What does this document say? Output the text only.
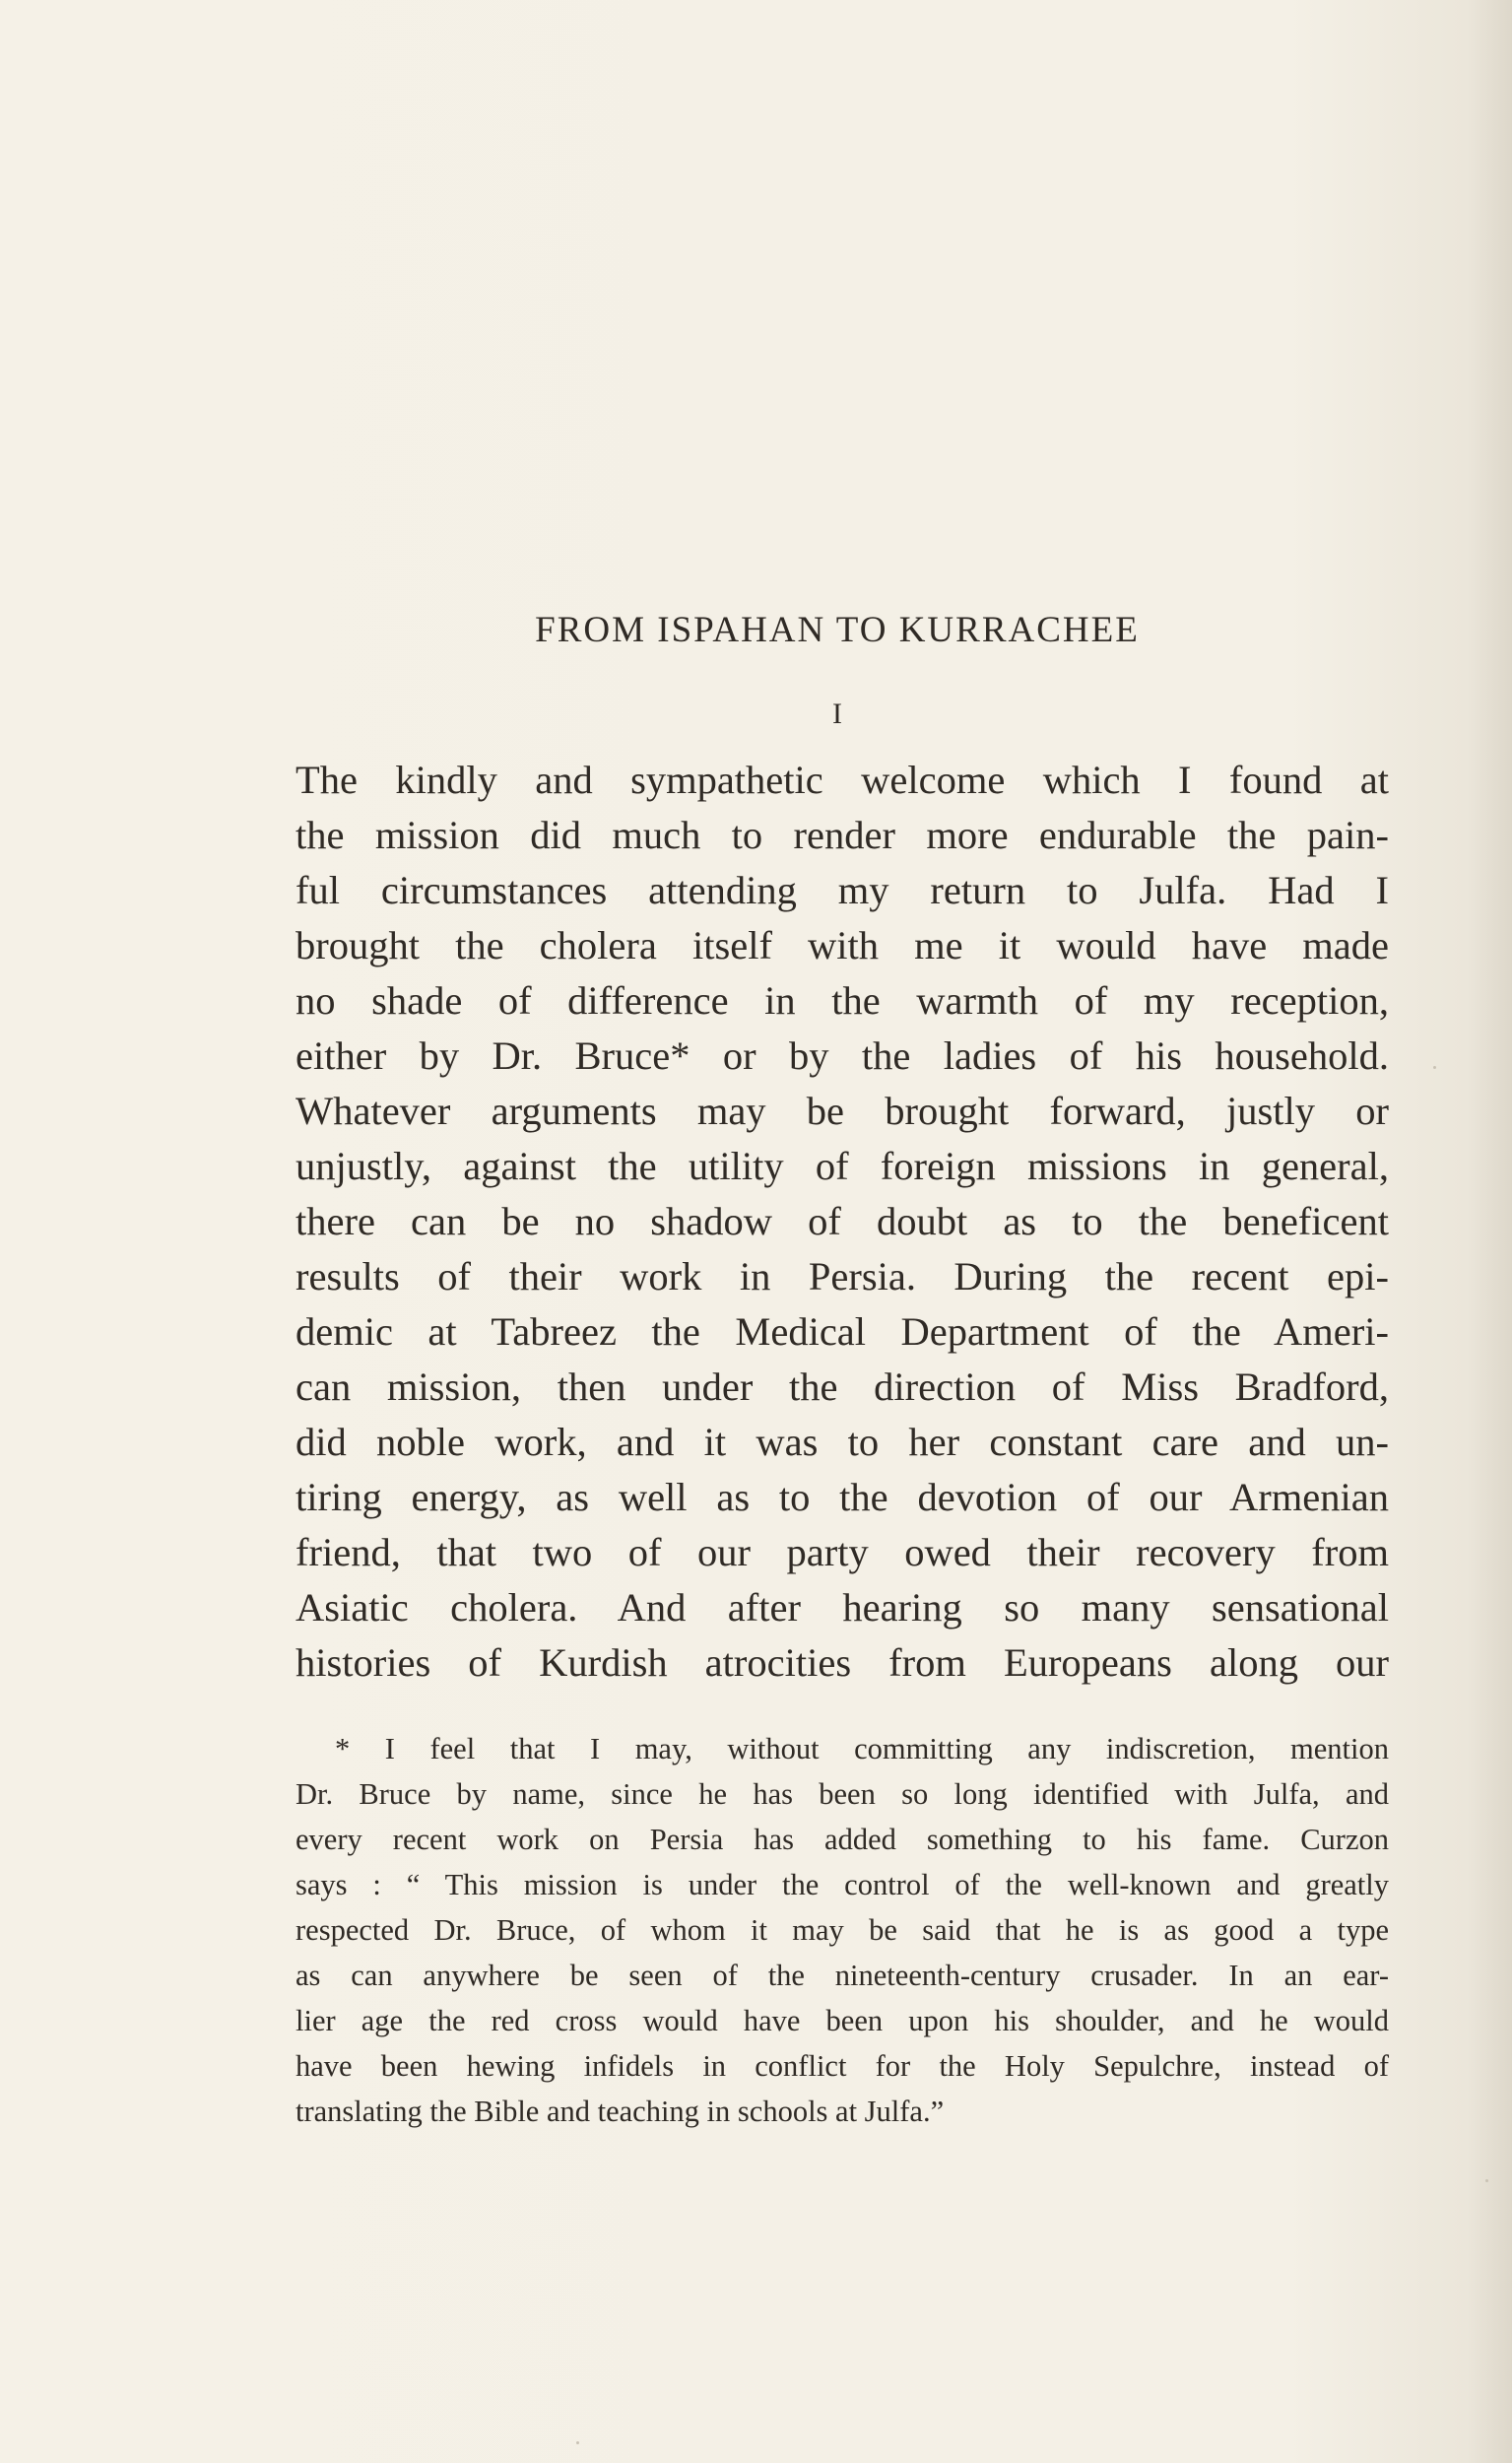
FROM ISPAHAN TO KURRACHEE
I
The kindly and sympathetic welcome which I found at
the mission did much to render more endurable the pain-
ful circumstances attending my return to Julfa. Had I
brought the cholera itself with me it would have made
no shade of difference in the warmth of my reception,
either by Dr. Bruce* or by the ladies of his household.
Whatever arguments may be brought forward, justly or
unjustly, against the utility of foreign missions in general,
there can be no shadow of doubt as to the beneficent
results of their work in Persia. During the recent epi-
demic at Tabreez the Medical Department of the Ameri-
can mission, then under the direction of Miss Bradford,
did noble work, and it was to her constant care and un-
tiring energy, as well as to the devotion of our Armenian
friend, that two of our party owed their recovery from
Asiatic cholera. And after hearing so many sensational
histories of Kurdish atrocities from Europeans along our
* I feel that I may, without committing any indiscretion, mention
Dr. Bruce by name, since he has been so long identified with Julfa, and
every recent work on Persia has added something to his fame. Curzon
says : “ This mission is under the control of the well-known and greatly
respected Dr. Bruce, of whom it may be said that he is as good a type
as can anywhere be seen of the nineteenth-century crusader. In an ear-
lier age the red cross would have been upon his shoulder, and he would
have been hewing infidels in conflict for the Holy Sepulchre, instead of
translating the Bible and teaching in schools at Julfa.”
